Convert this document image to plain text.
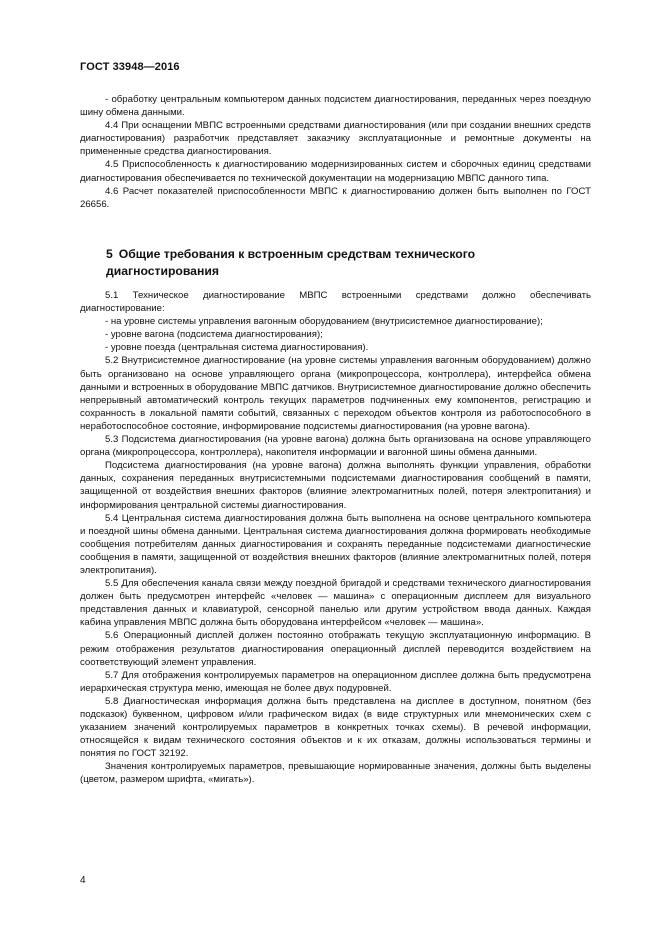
ГОСТ 33948—2016

- обработку центральным компьютером данных подсистем диагностирования, переданных через поездную шину обмена данными.

4.4 При оснащении МВПС встроенными средствами диагностирования (или при создании внешних средств диагностирования) разработчик представляет заказчику эксплуатационные и ремонтные документы на примененные средства диагностирования.

4.5 Приспособленность к диагностированию модернизированных систем и сборочных единиц средствами диагностирования обеспечивается по технической документации на модернизацию МВПС данного типа.

4.6 Расчет показателей приспособленности МВПС к диагностированию должен быть выполнен по ГОСТ 26656.

5 Общие требования к встроенным средствам технического диагностирования

5.1 Техническое диагностирование МВПС встроенными средствами должно обеспечивать диагностирование:

- на уровне системы управления вагонным оборудованием (внутрисистемное диагностирование);

- уровне вагона (подсистема диагностирования);

- уровне поезда (центральная система диагностирования).

5.2 Внутрисистемное диагностирование (на уровне системы управления вагонным оборудованием) должно быть организовано на основе управляющего органа (микропроцессора, контроллера), интерфейса обмена данными и встроенных в оборудование МВПС датчиков. Внутрисистемное диагностирование должно обеспечить непрерывный автоматический контроль текущих параметров подчиненных ему компонентов, регистрацию и сохранность в локальной памяти событий, связанных с переходом объектов контроля из работоспособного в неработоспособное состояние, информирование подсистемы диагностирования (на уровне вагона).

5.3 Подсистема диагностирования (на уровне вагона) должна быть организована на основе управляющего органа (микропроцессора, контроллера), накопителя информации и вагонной шины обмена данными.

Подсистема диагностирования (на уровне вагона) должна выполнять функции управления, обработки данных, сохранения переданных внутрисистемными подсистемами диагностирования сообщений в памяти, защищенной от воздействия внешних факторов (влияние электромагнитных полей, потеря электропитания) и информирования центральной системы диагностирования.

5.4 Центральная система диагностирования должна быть выполнена на основе центрального компьютера и поездной шины обмена данными. Центральная система диагностирования должна формировать необходимые сообщения потребителям данных диагностирования и сохранять переданные подсистемами диагностические сообщения в памяти, защищенной от воздействия внешних факторов (влияние электромагнитных полей, потеря электропитания).

5.5 Для обеспечения канала связи между поездной бригадой и средствами технического диагностирования должен быть предусмотрен интерфейс «человек — машина» с операционным дисплеем для визуального представления данных и клавиатурой, сенсорной панелью или другим устройством ввода данных. Каждая кабина управления МВПС должна быть оборудована интерфейсом «человек — машина».

5.6 Операционный дисплей должен постоянно отображать текущую эксплуатационную информацию. В режим отображения результатов диагностирования операционный дисплей переводится воздействием на соответствующий элемент управления.

5.7 Для отображения контролируемых параметров на операционном дисплее должна быть предусмотрена иерархическая структура меню, имеющая не более двух подуровней.

5.8 Диагностическая информация должна быть представлена на дисплее в доступном, понятном (без подсказок) буквенном, цифровом и/или графическом видах (в виде структурных или мнемонических схем с указанием значений контролируемых параметров в конкретных точках схемы). В речевой информации, относящейся к видам технического состояния объектов и к их отказам, должны использоваться термины и понятия по ГОСТ 32192.

Значения контролируемых параметров, превышающие нормированные значения, должны быть выделены (цветом, размером шрифта, «мигать»).

4
